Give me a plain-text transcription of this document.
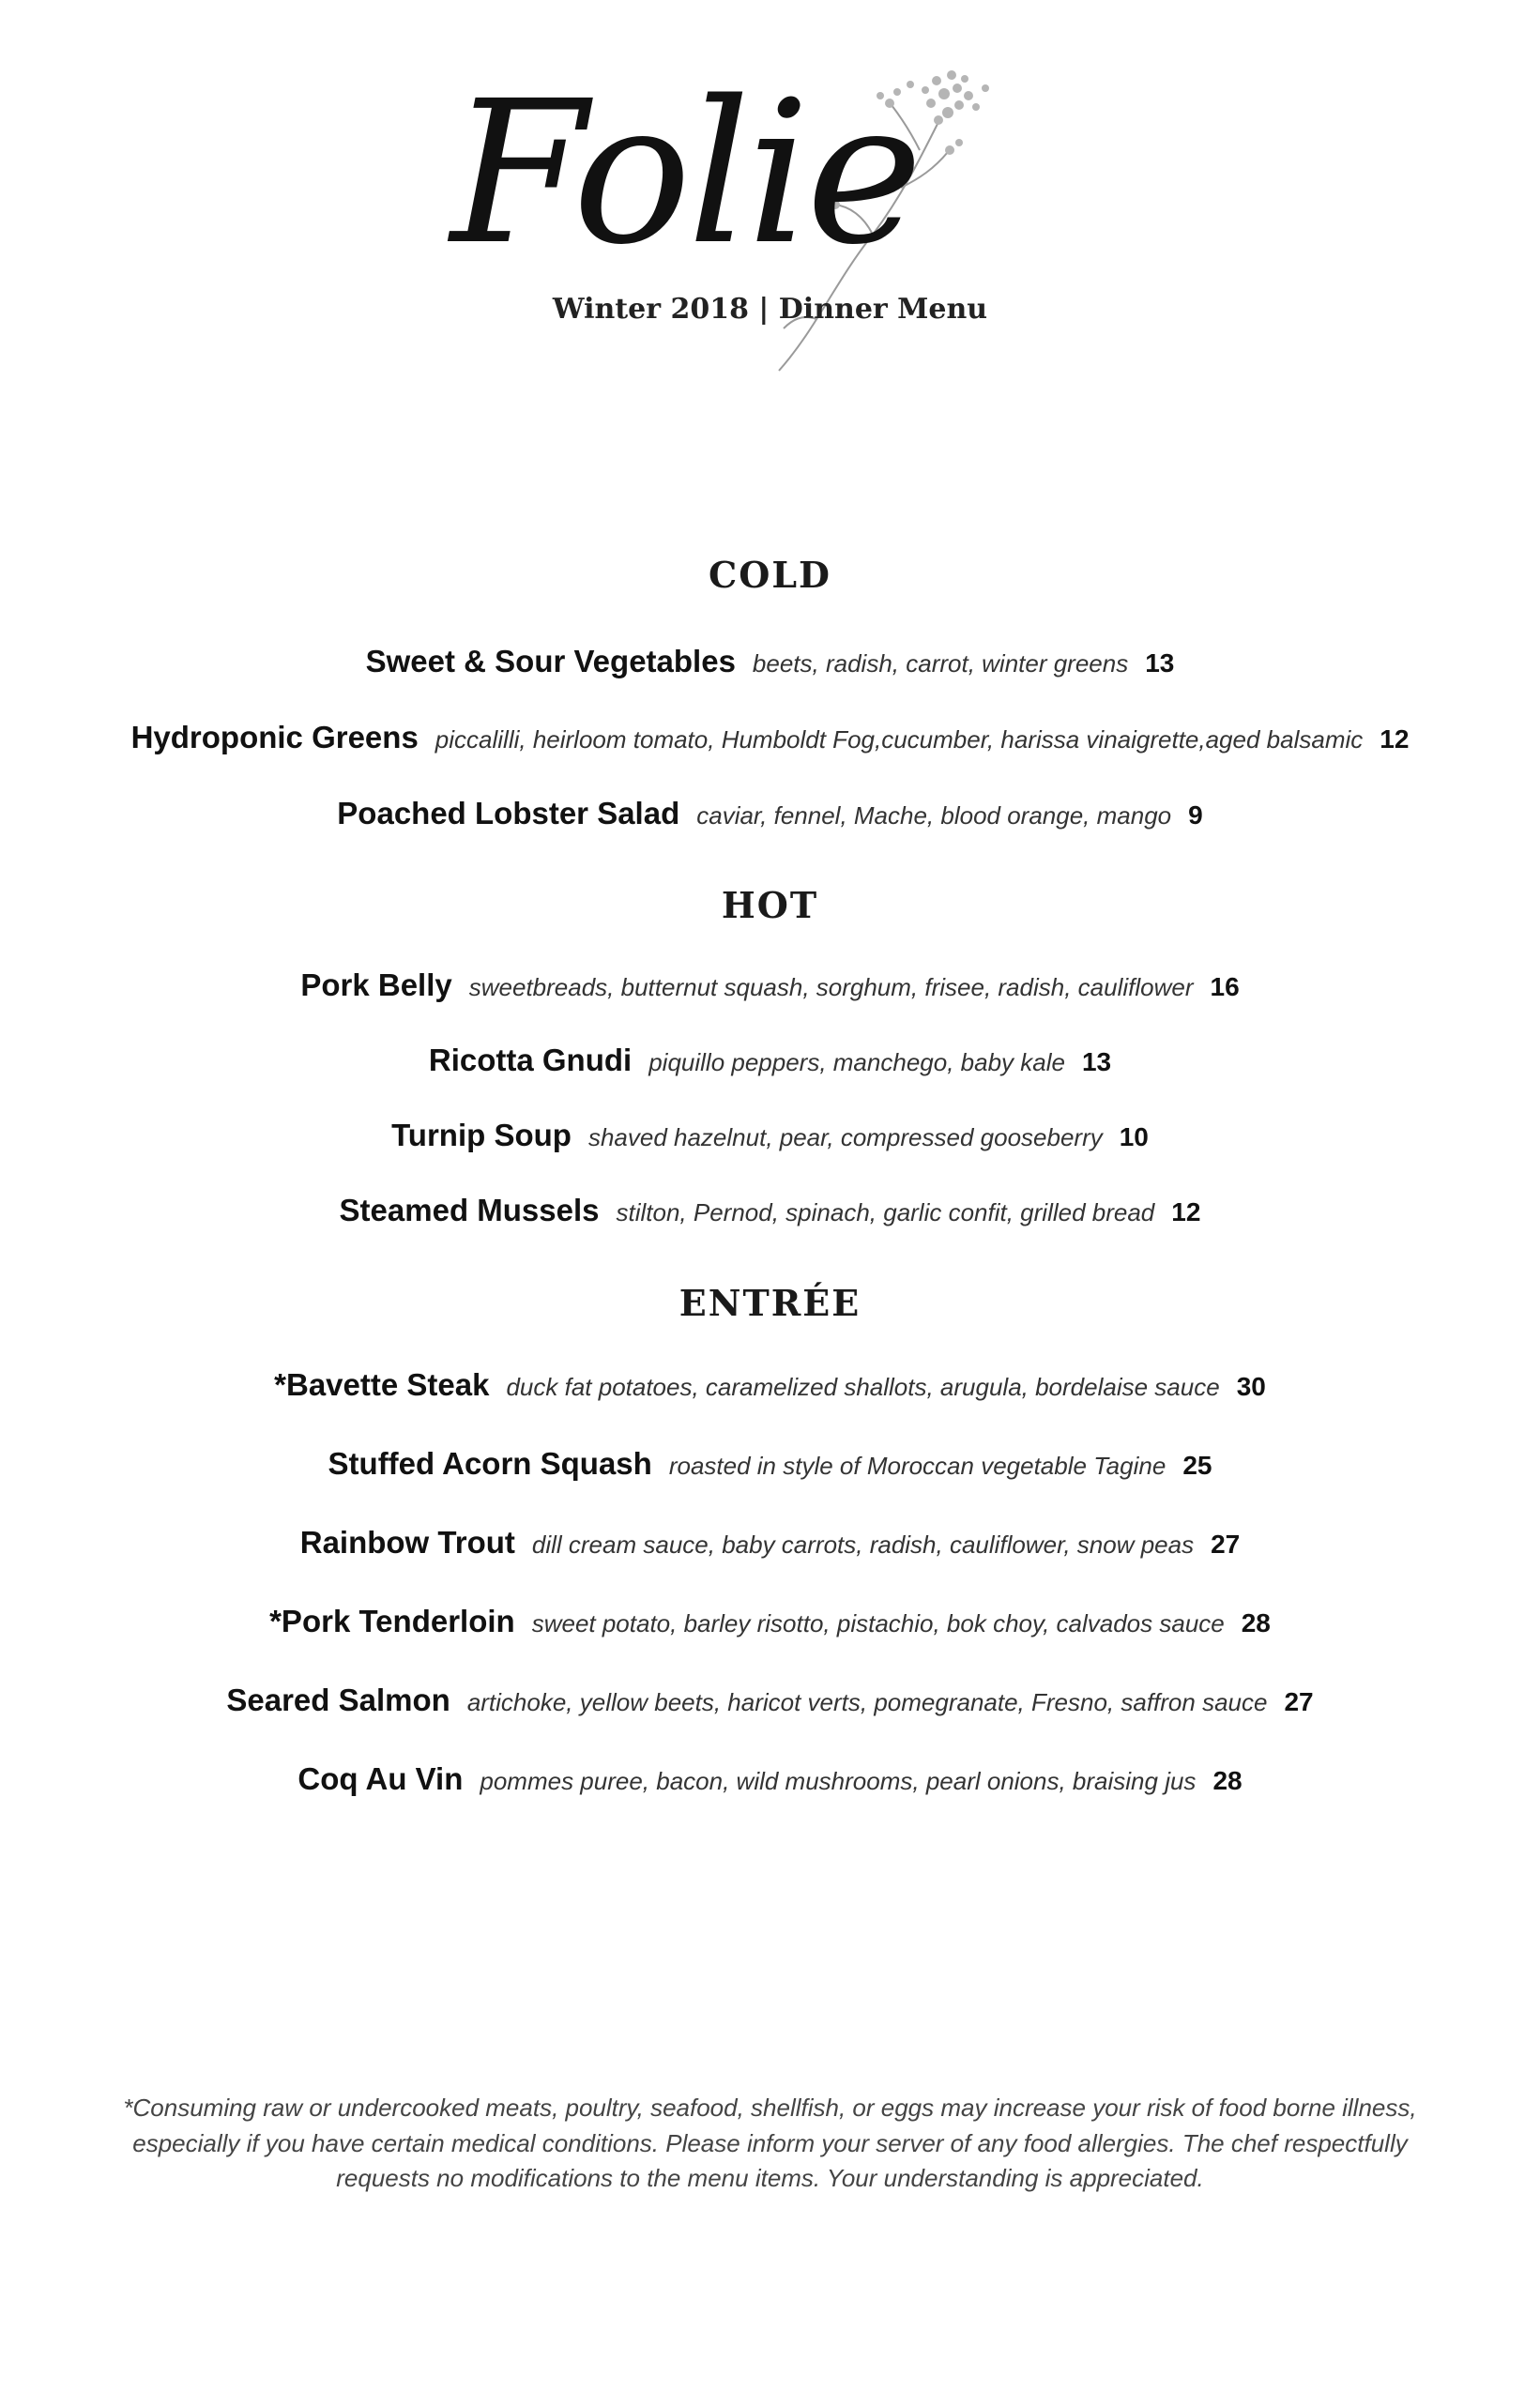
Folie
Winter 2018 | Dinner Menu
COLD
Sweet & Sour Vegetables beets, radish, carrot, winter greens 13
Hydroponic Greens piccalilli, heirloom tomato, Humboldt Fog,cucumber, harissa vinaigrette,aged balsamic 12
Poached Lobster Salad caviar, fennel, Mache, blood orange, mango 9
HOT
Pork Belly sweetbreads, butternut squash, sorghum, frisee, radish, cauliflower 16
Ricotta Gnudi piquillo peppers, manchego, baby kale 13
Turnip Soup shaved hazelnut, pear, compressed gooseberry 10
Steamed Mussels stilton, Pernod, spinach, garlic confit, grilled bread 12
ENTRÉE
*Bavette Steak duck fat potatoes, caramelized shallots, arugula, bordelaise sauce 30
Stuffed Acorn Squash roasted in style of Moroccan vegetable Tagine 25
Rainbow Trout dill cream sauce, baby carrots, radish, cauliflower, snow peas 27
*Pork Tenderloin sweet potato, barley risotto, pistachio, bok choy, calvados sauce 28
Seared Salmon artichoke, yellow beets, haricot verts, pomegranate, Fresno, saffron sauce 27
Coq Au Vin pommes puree, bacon, wild mushrooms, pearl onions, braising jus 28
*Consuming raw or undercooked meats, poultry, seafood, shellfish, or eggs may increase your risk of food borne illness, especially if you have certain medical conditions. Please inform your server of any food allergies. The chef respectfully requests no modifications to the menu items. Your understanding is appreciated.
